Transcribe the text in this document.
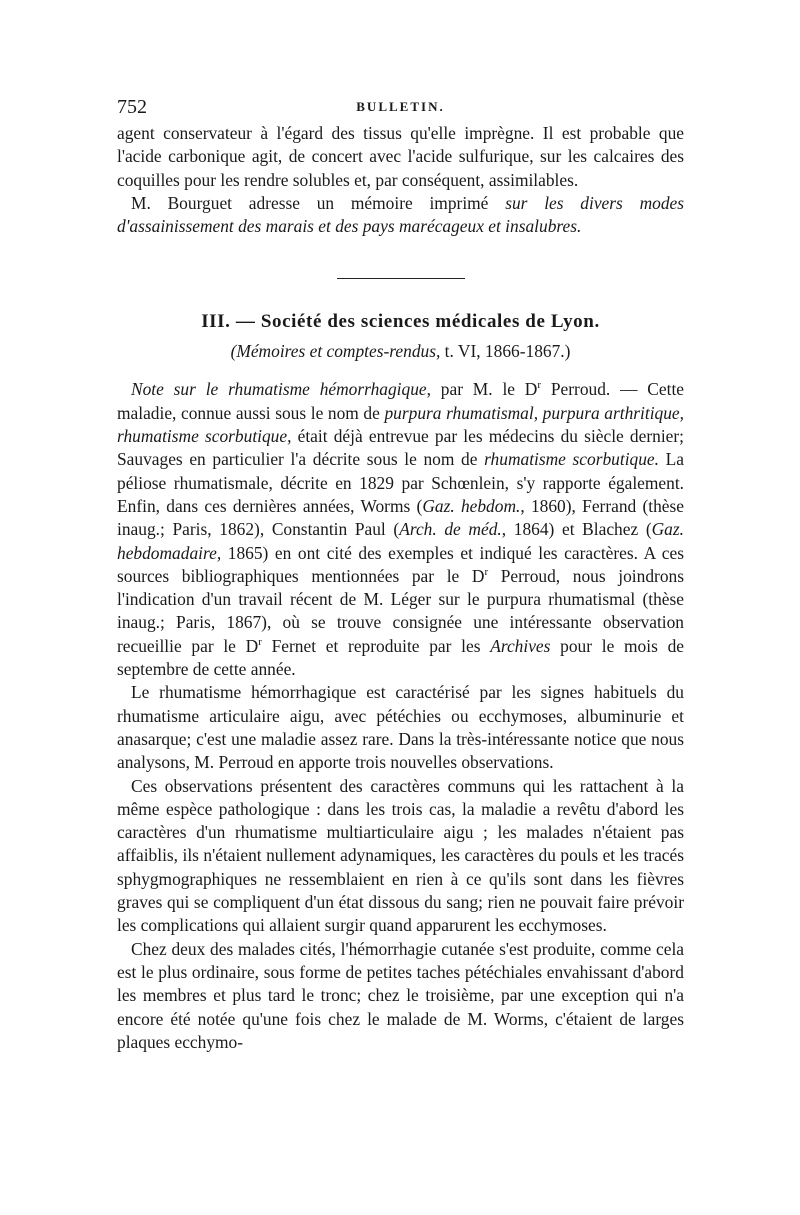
752	BULLETIN.

agent conservateur à l'égard des tissus qu'elle imprègne. Il est probable que l'acide carbonique agit, de concert avec l'acide sulfurique, sur les calcaires des coquilles pour les rendre solubles et, par conséquent, assimilables.

M. Bourguet adresse un mémoire imprimé sur les divers modes d'assainissement des marais et des pays marécageux et insalubres.

III. — Société des sciences médicales de Lyon.
(Mémoires et comptes-rendus, t. VI, 1866-1867.)

Note sur le rhumatisme hémorrhagique, par M. le $D^r$ Perroud. — Cette maladie, connue aussi sous le nom de purpura rhumatismal, purpura arthritique, rhumatisme scorbutique, était déjà entrevue par les médecins du siècle dernier; Sauvages en particulier l'a décrite sous le nom de rhumatisme scorbutique. La péliose rhumatismale, décrite en 1829 par Schœnlein, s'y rapporte également. Enfin, dans ces dernières années, Worms (Gaz. hebdom., 1860), Ferrand (thèse inaug.; Paris, 1862), Constantin Paul (Arch. de méd., 1864) et Blachez (Gaz. hebdomadaire, 1865) en ont cité des exemples et indiqué les caractères. A ces sources bibliographiques mentionnées par le $D^r$ Perroud, nous joindrons l'indication d'un travail récent de M. Léger sur le purpura rhumatismal (thèse inaug.; Paris, 1867), où se trouve consignée une intéressante observation recueillie par le $D^r$ Fernet et reproduite par les Archives pour le mois de septembre de cette année.

Le rhumatisme hémorrhagique est caractérisé par les signes habituels du rhumatisme articulaire aigu, avec pétéchies ou ecchymoses, albuminurie et anasarque; c'est une maladie assez rare. Dans la très-intéressante notice que nous analysons, M. Perroud en apporte trois nouvelles observations.

Ces observations présentent des caractères communs qui les rattachent à la même espèce pathologique : dans les trois cas, la maladie a revêtu d'abord les caractères d'un rhumatisme multiarticulaire aigu ; les malades n'étaient pas affaiblis, ils n'étaient nullement adynamiques, les caractères du pouls et les tracés sphygmographiques ne ressemblaient en rien à ce qu'ils sont dans les fièvres graves qui se compliquent d'un état dissous du sang; rien ne pouvait faire prévoir les complications qui allaient surgir quand apparurent les ecchymoses.

Chez deux des malades cités, l'hémorrhagie cutanée s'est produite, comme cela est le plus ordinaire, sous forme de petites taches pétéchiales envahissant d'abord les membres et plus tard le tronc; chez le troisième, par une exception qui n'a encore été notée qu'une fois chez le malade de M. Worms, c'étaient de larges plaques ecchymo-
